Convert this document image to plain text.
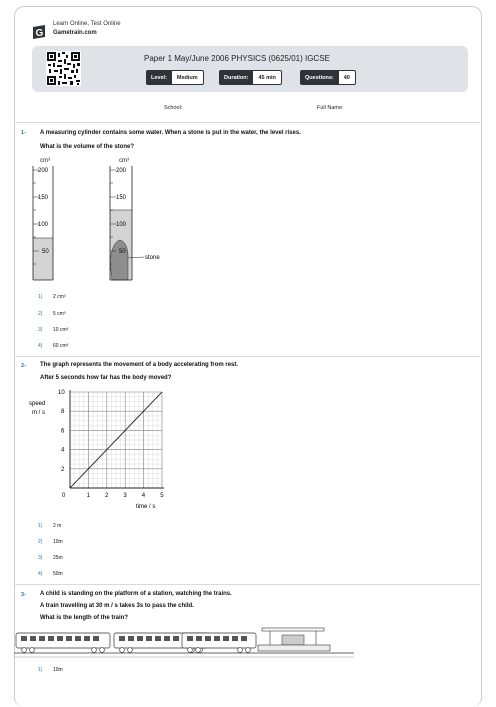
G
Learn Online, Test Online
Gametrain.com
Paper 1 May/June 2006 PHYSICS (0625/01) IGCSE
Level:	Medium	Duration:	45 min	Questions:	40
School:	Full Name:
1- A measuring cylinder contains some water. When a stone is put in the water, the level rises.
What is the volume of the stone?
cm³
200
150
100
50
cm³
200
150
100
50
stone
1) 2 cm³
2) 5 cm³
3) 10 cm³
4) 60 cm³
2- The graph represents the movement of a body accelerating from rest.
After 5 seconds how far has the body moved?
0	1	2	3	4	5
2
4
6
8
10
speed
m / s
time / s
1) 2 m
2) 10m
3) 25m
4) 50m
3- A child is standing on the platform of a station, watching the trains.
A train travelling at 30 m / s takes 3s to pass the child.
What is the length of the train?
1) 10m
